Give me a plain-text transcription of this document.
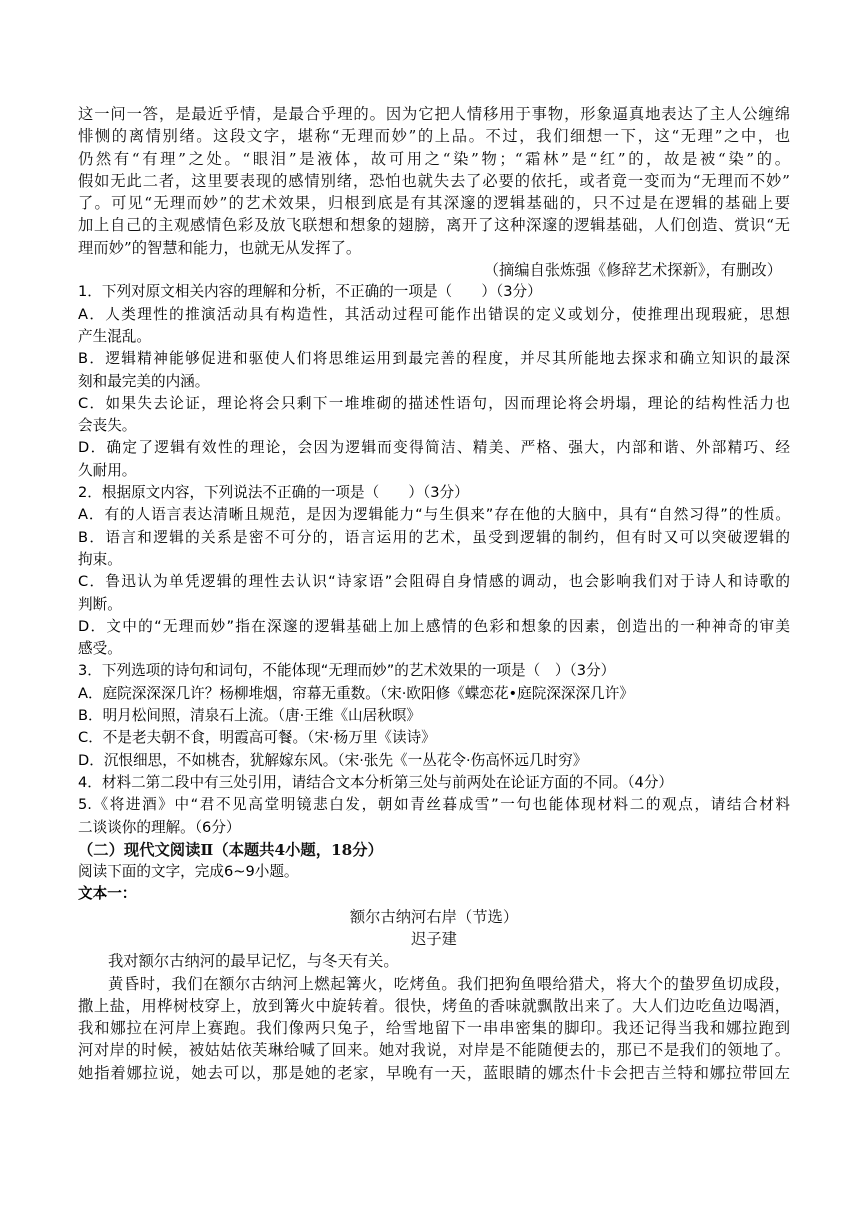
这一问一答，是最近乎情，是最合乎理的。因为它把人情移用于事物，形象逼真地表达了主人公缠绵
悱恻的离情别绪。这段文字，堪称“无理而妙”的上品。不过，我们细想一下，这“无理”之中，也
仍然有“有理”之处。“眼泪”是液体，故可用之“染”物；“霜林”是“红”的，故是被“染”的。
假如无此二者，这里要表现的感情别绪，恐怕也就失去了必要的依托，或者竟一变而为“无理而不妙”
了。可见“无理而妙”的艺术效果，归根到底是有其深邃的逻辑基础的，只不过是在逻辑的基础上要
加上自己的主观感情色彩及放飞联想和想象的翅膀，离开了这种深邃的逻辑基础，人们创造、赏识“无
理而妙”的智慧和能力，也就无从发挥了。
（摘编自张炼强《修辞艺术探新》，有删改）
1．下列对原文相关内容的理解和分析，不正确的一项是（　　）（3分）
A．人类理性的推演活动具有构造性，其活动过程可能作出错误的定义或划分，使推理出现瑕疵，思想
产生混乱。
B．逻辑精神能够促进和驱使人们将思维运用到最完善的程度，并尽其所能地去探求和确立知识的最深
刻和最完美的内涵。
C．如果失去论证，理论将会只剩下一堆堆砌的描述性语句，因而理论将会坍塌，理论的结构性活力也
会丧失。
D．确定了逻辑有效性的理论，会因为逻辑而变得简洁、精美、严格、强大，内部和谐、外部精巧、经
久耐用。
2．根据原文内容，下列说法不正确的一项是（　　）（3分）
A．有的人语言表达清晰且规范，是因为逻辑能力“与生俱来”存在他的大脑中，具有“自然习得”的性质。
B．语言和逻辑的关系是密不可分的，语言运用的艺术，虽受到逻辑的制约，但有时又可以突破逻辑的
拘束。
C．鲁迅认为单凭逻辑的理性去认识“诗家语”会阻碍自身情感的调动，也会影响我们对于诗人和诗歌的
判断。
D．文中的“无理而妙”指在深邃的逻辑基础上加上感情的色彩和想象的因素，创造出的一种神奇的审美
感受。
3．下列选项的诗句和词句，不能体现“无理而妙”的艺术效果的一项是（　）（3分）
A．庭院深深深几许？杨柳堆烟，帘幕无重数。（宋·欧阳修《蝶恋花•庭院深深深几许》
B．明月松间照，清泉石上流。（唐·王维《山居秋暝》
C．不是老夫朝不食，明霞高可餐。（宋·杨万里《读诗》
D．沉恨细思，不如桃杏，犹解嫁东风。（宋·张先《一丛花令·伤高怀远几时穷》
4．材料二第二段中有三处引用，请结合文本分析第三处与前两处在论证方面的不同。（4分）
5.《将进酒》中“君不见高堂明镜悲白发，朝如青丝暮成雪”一句也能体现材料二的观点，请结合材料
二谈谈你的理解。（6分）
（二）现代文阅读Ⅱ（本题共4小题，18分）
阅读下面的文字，完成6~9小题。
文本一：
额尔古纳河右岸（节选）
迟子建
我对额尔古纳河的最早记忆，与冬天有关。
黄昏时，我们在额尔古纳河上燃起篝火，吃烤鱼。我们把狗鱼喂给猎犬，将大个的蛰罗鱼切成段，
撒上盐，用桦树枝穿上，放到篝火中旋转着。很快，烤鱼的香味就飘散出来了。大人们边吃鱼边喝酒，
我和娜拉在河岸上赛跑。我们像两只兔子，给雪地留下一串串密集的脚印。我还记得当我和娜拉跑到
河对岸的时候，被姑姑依芙琳给喊了回来。她对我说，对岸是不能随便去的，那已不是我们的领地了。
她指着娜拉说，她去可以，那是她的老家，早晚有一天，蓝眼睛的娜杰什卡会把吉兰特和娜拉带回左
